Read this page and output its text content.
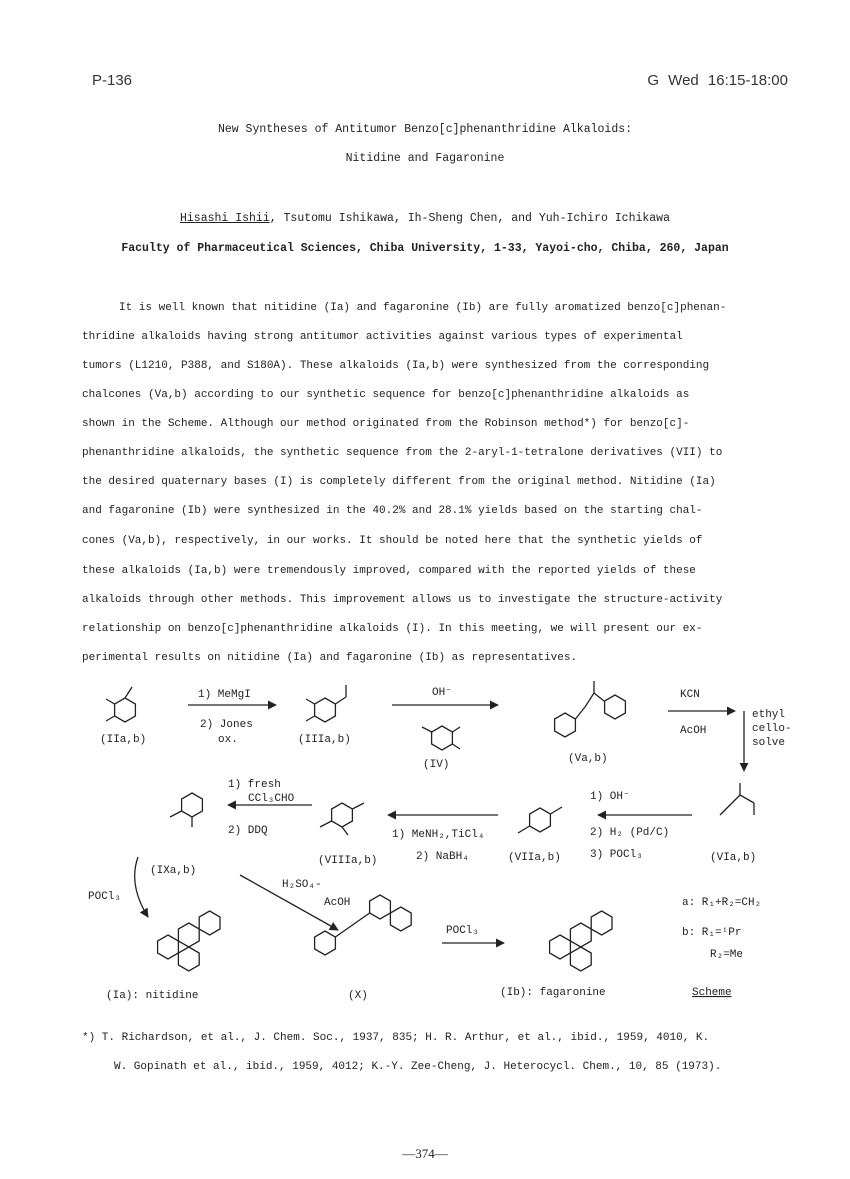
P-136	G Wed 16:15-18:00
New Syntheses of Antitumor Benzo[c]phenanthridine Alkaloids:
Nitidine and Fagaronine
Hisashi Ishii, Tsutomu Ishikawa, Ih-Sheng Chen, and Yuh-Ichiro Ichikawa
Faculty of Pharmaceutical Sciences, Chiba University, 1-33, Yayoi-cho, Chiba, 260, Japan
It is well known that nitidine (Ia) and fagaronine (Ib) are fully aromatized benzo[c]phenan-
thridine alkaloids having strong antitumor activities against various types of experimental
tumors (L1210, P388, and S180A). These alkaloids (Ia,b) were synthesized from the corresponding
chalcones (Va,b) according to our synthetic sequence for benzo[c]phenanthridine alkaloids as
shown in the Scheme. Although our method originated from the Robinson method*) for benzo[c]-
phenanthridine alkaloids, the synthetic sequence from the 2-aryl-1-tetralone derivatives (VII) to
the desired quaternary bases (I) is completely different from the original method. Nitidine (Ia)
and fagaronine (Ib) were synthesized in the 40.2% and 28.1% yields based on the starting chal-
cones (Va,b), respectively, in our works. It should be noted here that the synthetic yields of
these alkaloids (Ia,b) were tremendously improved, compared with the reported yields of these
alkaloids through other methods. This improvement allows us to investigate the structure-activity
relationship on benzo[c]phenanthridine alkaloids (I). In this meeting, we will present our ex-
perimental results on nitidine (Ia) and fagaronine (Ib) as representatives.
(IIa,b)
1) MeMgI
2) Jones
ox.	(IIIa,b)
OH⁻
(IV)	(Va,b)
KCN
AcOH
ethyl
cello-
solve
(VIa,b)
1) OH⁻
2) H₂ (Pd/C)
3) POCl₃
(VIIa,b)
1) MeNH₂,TiCl₄
2) NaBH₄
(VIIIa,b)
1) fresh
CCl₃CHO
2) DDQ
(IXa,b)
POCl₃
H₂SO₄-
AcOH
(Ia): nitidine	(X)
POCl₃
(Ib): fagaronine
a: R₁+R₂=CH₂
b: R₁=ⁱPr
R₂=Me
Scheme
*) T. Richardson, et al., J. Chem. Soc., 1937, 835; H. R. Arthur, et al., ibid., 1959, 4010, K.
W. Gopinath et al., ibid., 1959, 4012; K.-Y. Zee-Cheng, J. Heterocycl. Chem., 10, 85 (1973).
—374—
